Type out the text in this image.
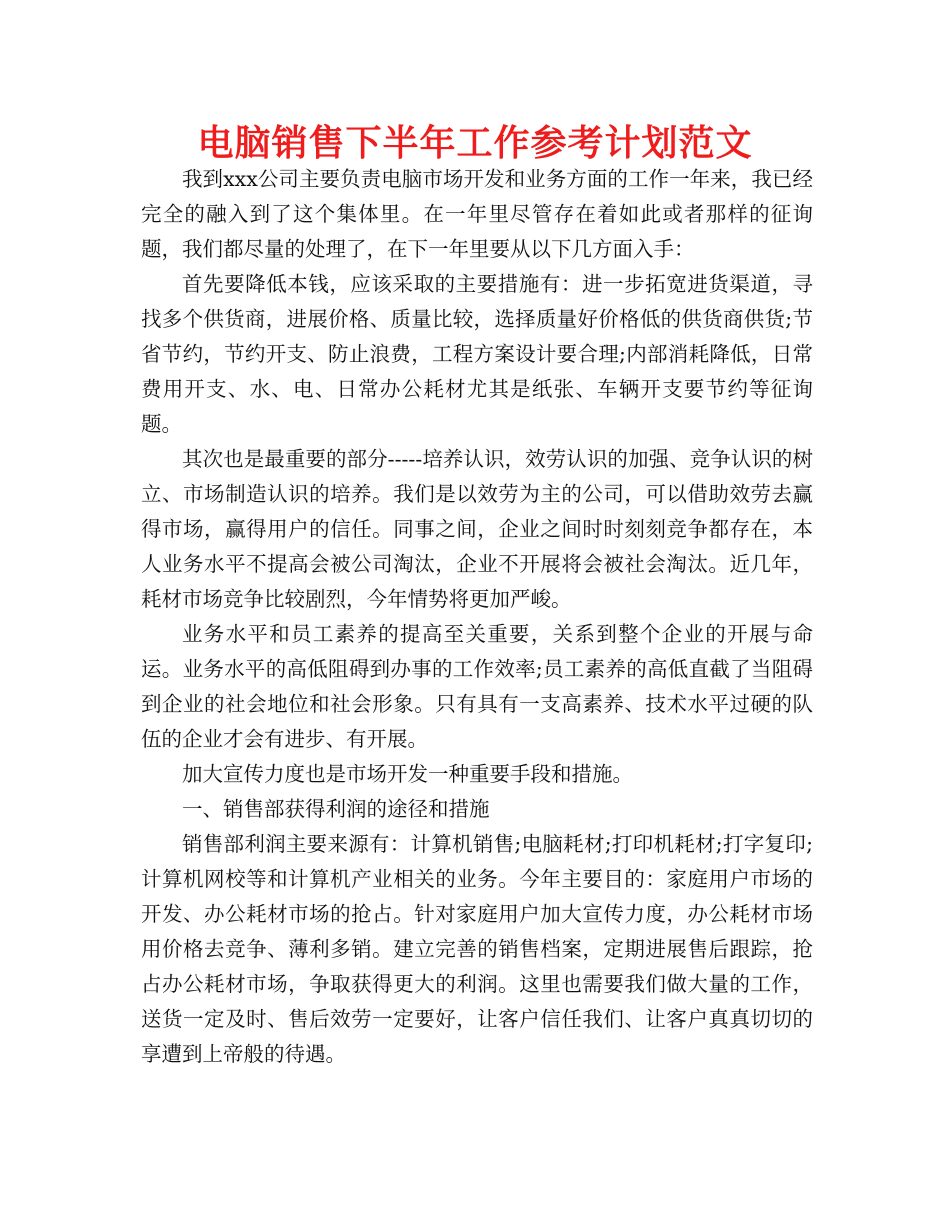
电脑销售下半年工作参考计划范文

我到xxx公司主要负责电脑市场开发和业务方面的工作一年来，我已经完全的融入到了这个集体里。在一年里尽管存在着如此或者那样的征询题，我们都尽量的处理了，在下一年里要从以下几方面入手：

首先要降低本钱，应该采取的主要措施有：进一步拓宽进货渠道，寻找多个供货商，进展价格、质量比较，选择质量好价格低的供货商供货;节省节约，节约开支、防止浪费，工程方案设计要合理;内部消耗降低，日常费用开支、水、电、日常办公耗材尤其是纸张、车辆开支要节约等征询题。

其次也是最重要的部分-----培养认识，效劳认识的加强、竞争认识的树立、市场制造认识的培养。我们是以效劳为主的公司，可以借助效劳去赢得市场，赢得用户的信任。同事之间，企业之间时时刻刻竞争都存在，本人业务水平不提高会被公司淘汰，企业不开展将会被社会淘汰。近几年，耗材市场竞争比较剧烈，今年情势将更加严峻。

业务水平和员工素养的提高至关重要，关系到整个企业的开展与命运。业务水平的高低阻碍到办事的工作效率;员工素养的高低直截了当阻碍到企业的社会地位和社会形象。只有具有一支高素养、技术水平过硬的队伍的企业才会有进步、有开展。

加大宣传力度也是市场开发一种重要手段和措施。

一、销售部获得利润的途径和措施

销售部利润主要来源有：计算机销售;电脑耗材;打印机耗材;打字复印;计算机网校等和计算机产业相关的业务。今年主要目的：家庭用户市场的开发、办公耗材市场的抢占。针对家庭用户加大宣传力度，办公耗材市场用价格去竞争、薄利多销。建立完善的销售档案，定期进展售后跟踪，抢占办公耗材市场，争取获得更大的利润。这里也需要我们做大量的工作，送货一定及时、售后效劳一定要好，让客户信任我们、让客户真真切切的享遭到上帝般的待遇。
